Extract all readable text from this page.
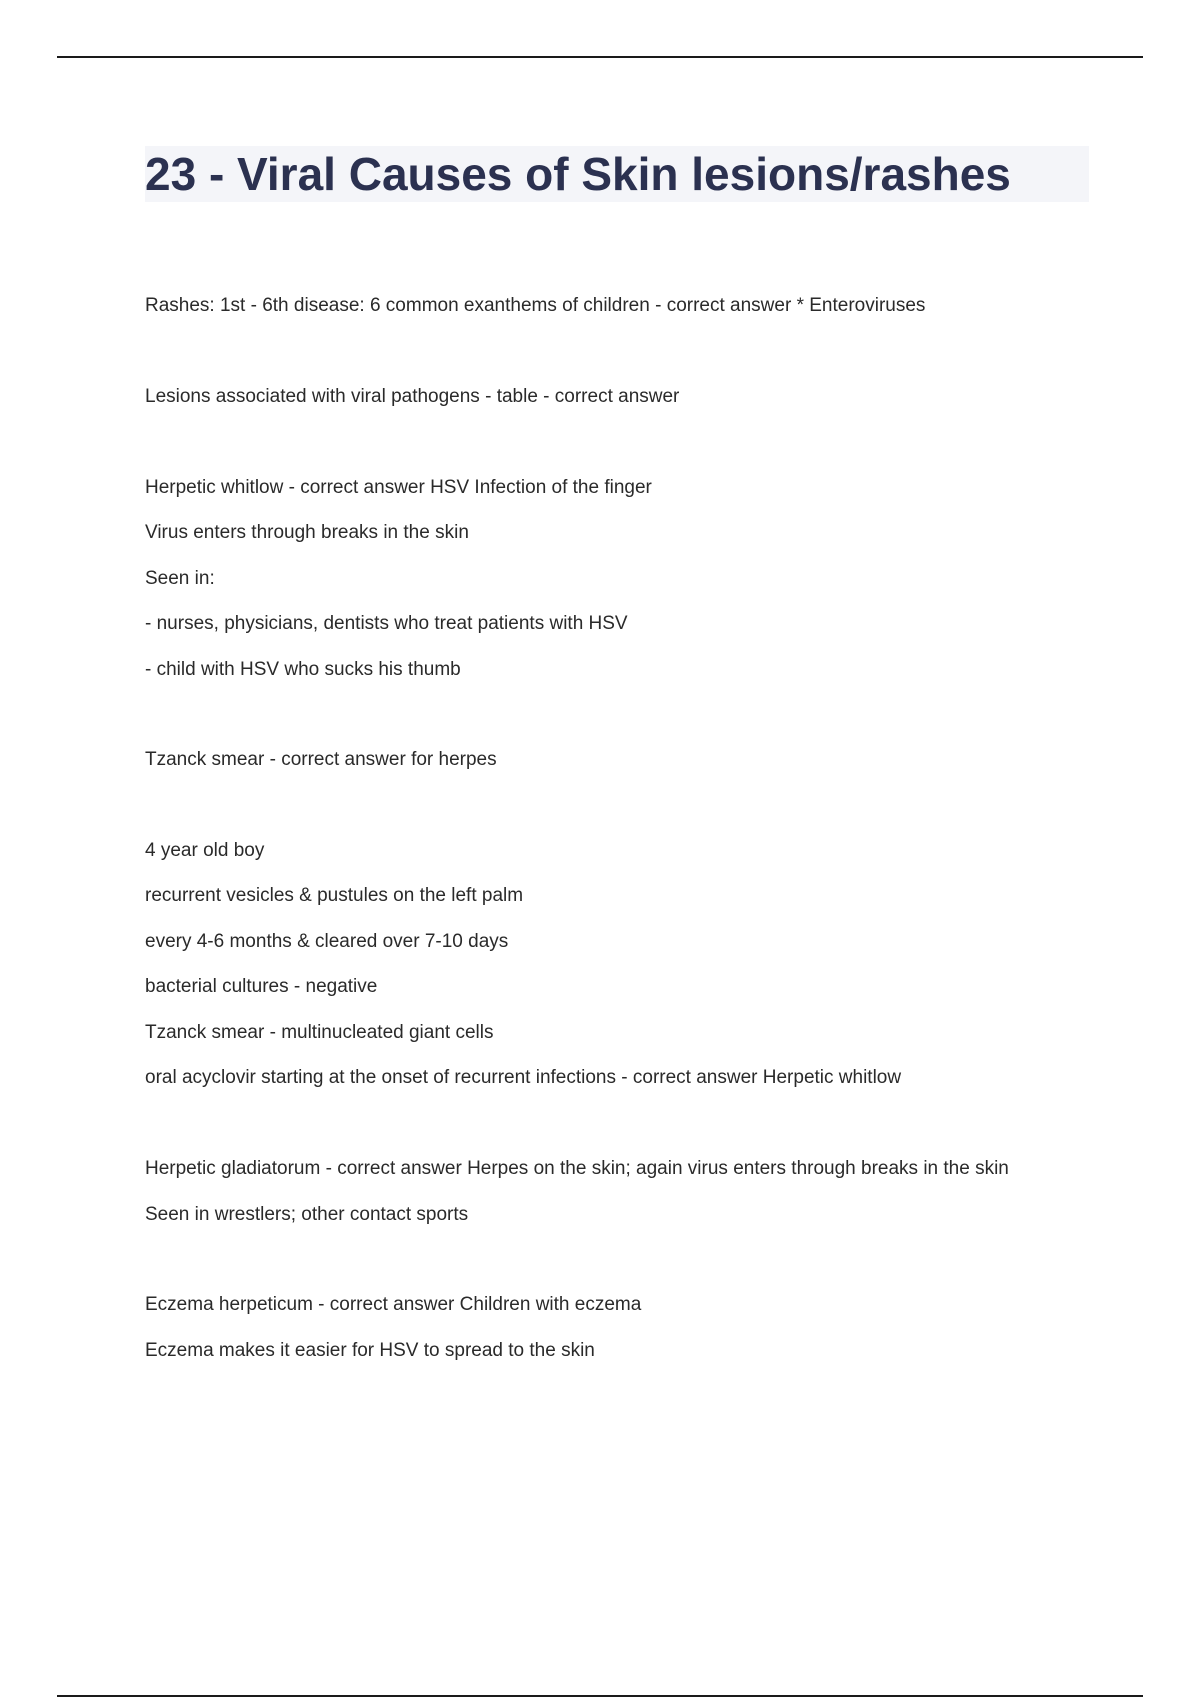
23 - Viral Causes of Skin lesions/rashes

Rashes: 1st - 6th disease: 6 common exanthems of children - correct answer * Enteroviruses

Lesions associated with viral pathogens - table - correct answer

Herpetic whitlow - correct answer HSV Infection of the finger

Virus enters through breaks in the skin

Seen in:

- nurses, physicians, dentists who treat patients with HSV

- child with HSV who sucks his thumb

Tzanck smear - correct answer for herpes

4 year old boy

recurrent vesicles & pustules on the left palm

every 4-6 months & cleared over 7-10 days

bacterial cultures - negative

Tzanck smear - multinucleated giant cells

oral acyclovir starting at the onset of recurrent infections - correct answer Herpetic whitlow

Herpetic gladiatorum - correct answer Herpes on the skin; again virus enters through breaks in the skin

Seen in wrestlers; other contact sports

Eczema herpeticum - correct answer Children with eczema

Eczema makes it easier for HSV to spread to the skin
